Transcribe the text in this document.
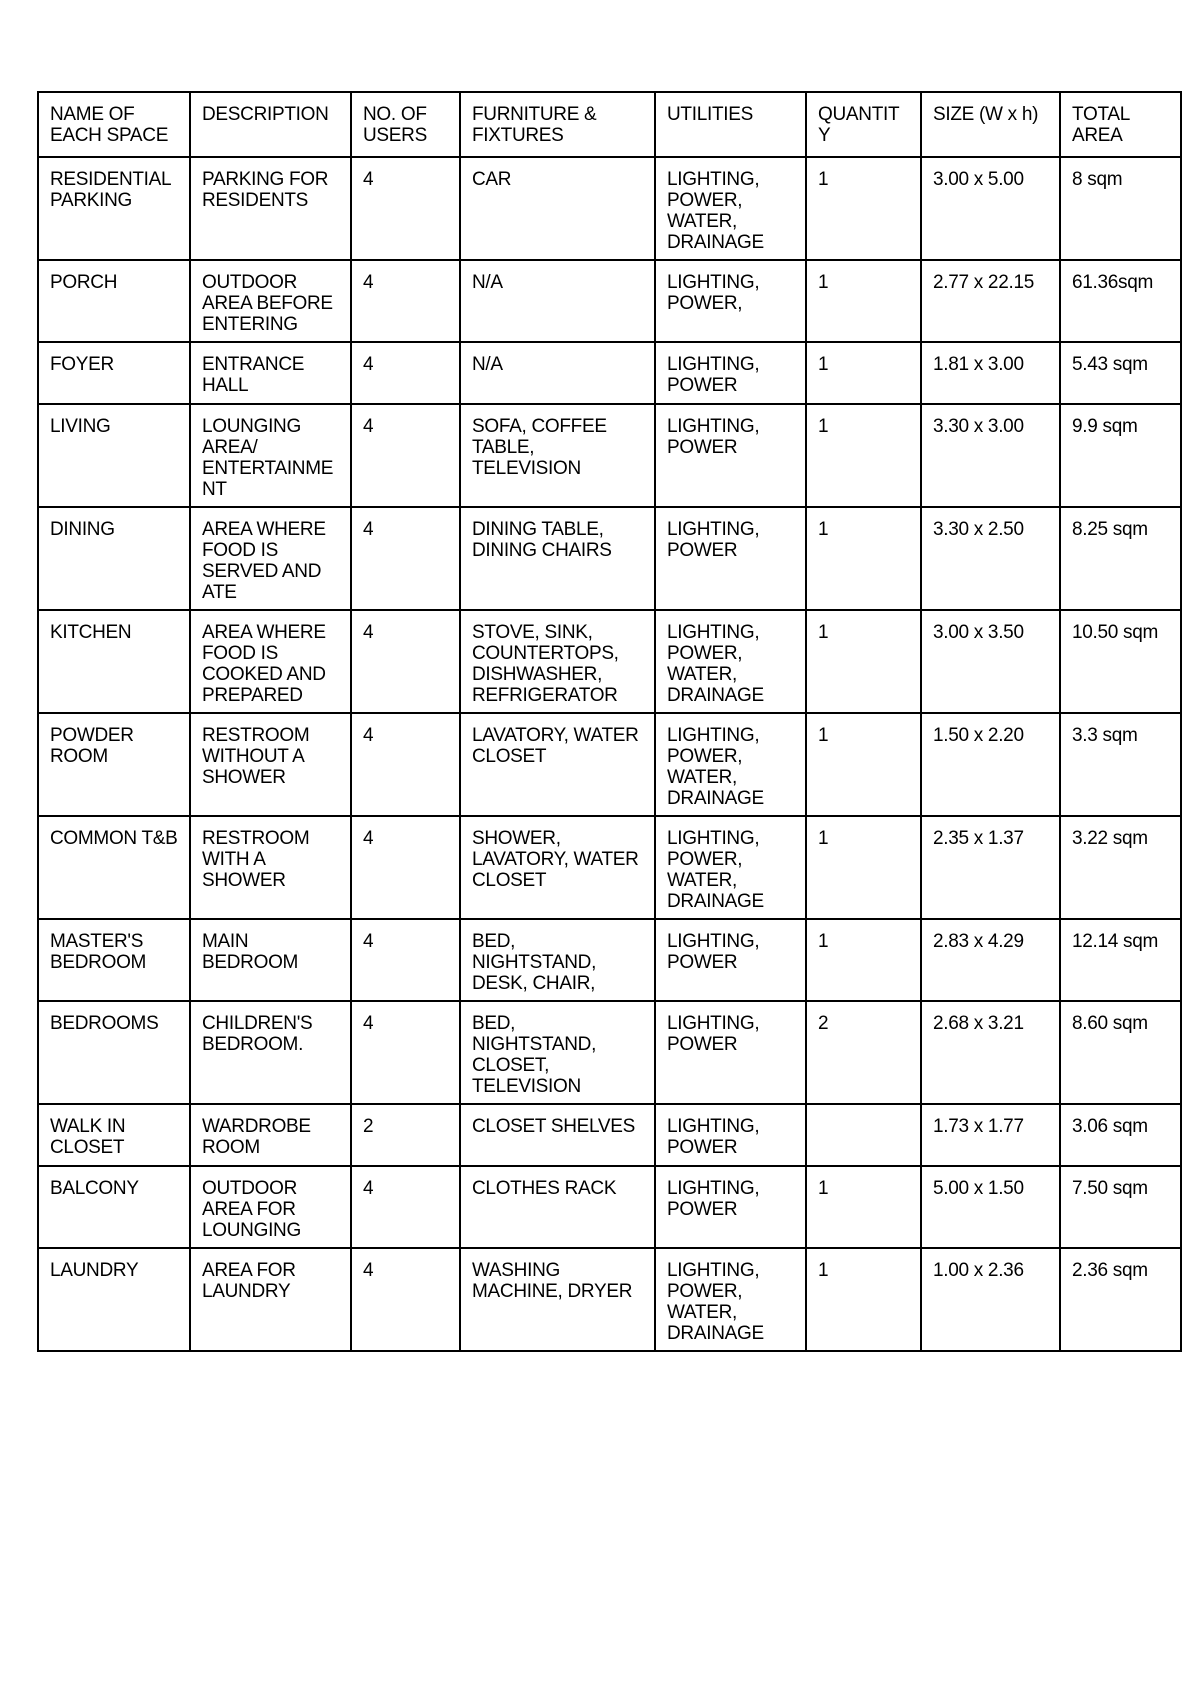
NAME OF EACH SPACE	DESCRIPTION	NO. OF USERS	FURNITURE & FIXTURES	UTILITIES	QUANTITY	SIZE (W x h)	TOTAL AREA
RESIDENTIAL PARKING	PARKING FOR RESIDENTS	4	CAR	LIGHTING, POWER, WATER, DRAINAGE	1	3.00 x 5.00	8 sqm
PORCH	OUTDOOR AREA BEFORE ENTERING	4	N/A	LIGHTING, POWER,	1	2.77 x 22.15	61.36sqm
FOYER	ENTRANCE HALL	4	N/A	LIGHTING, POWER	1	1.81 x 3.00	5.43 sqm
LIVING	LOUNGING AREA/ ENTERTAINMENT	4	SOFA, COFFEE TABLE, TELEVISION	LIGHTING, POWER	1	3.30 x 3.00	9.9 sqm
DINING	AREA WHERE FOOD IS SERVED AND ATE	4	DINING TABLE, DINING CHAIRS	LIGHTING, POWER	1	3.30 x 2.50	8.25 sqm
KITCHEN	AREA WHERE FOOD IS COOKED AND PREPARED	4	STOVE, SINK, COUNTERTOPS, DISHWASHER, REFRIGERATOR	LIGHTING, POWER, WATER, DRAINAGE	1	3.00 x 3.50	10.50 sqm
POWDER ROOM	RESTROOM WITHOUT A SHOWER	4	LAVATORY, WATER CLOSET	LIGHTING, POWER, WATER, DRAINAGE	1	1.50 x 2.20	3.3 sqm
COMMON T&B	RESTROOM WITH A SHOWER	4	SHOWER, LAVATORY, WATER CLOSET	LIGHTING, POWER, WATER, DRAINAGE	1	2.35 x 1.37	3.22 sqm
MASTER'S BEDROOM	MAIN BEDROOM	4	BED, NIGHTSTAND, DESK, CHAIR,	LIGHTING, POWER	1	2.83 x 4.29	12.14 sqm
BEDROOMS	CHILDREN'S BEDROOM.	4	BED, NIGHTSTAND, CLOSET, TELEVISION	LIGHTING, POWER	2	2.68 x 3.21	8.60 sqm
WALK IN CLOSET	WARDROBE ROOM	2	CLOSET SHELVES	LIGHTING, POWER		1.73 x 1.77	3.06 sqm
BALCONY	OUTDOOR AREA FOR LOUNGING	4	CLOTHES RACK	LIGHTING, POWER	1	5.00 x 1.50	7.50 sqm
LAUNDRY	AREA FOR LAUNDRY	4	WASHING MACHINE, DRYER	LIGHTING, POWER, WATER, DRAINAGE	1	1.00 x 2.36	2.36 sqm
